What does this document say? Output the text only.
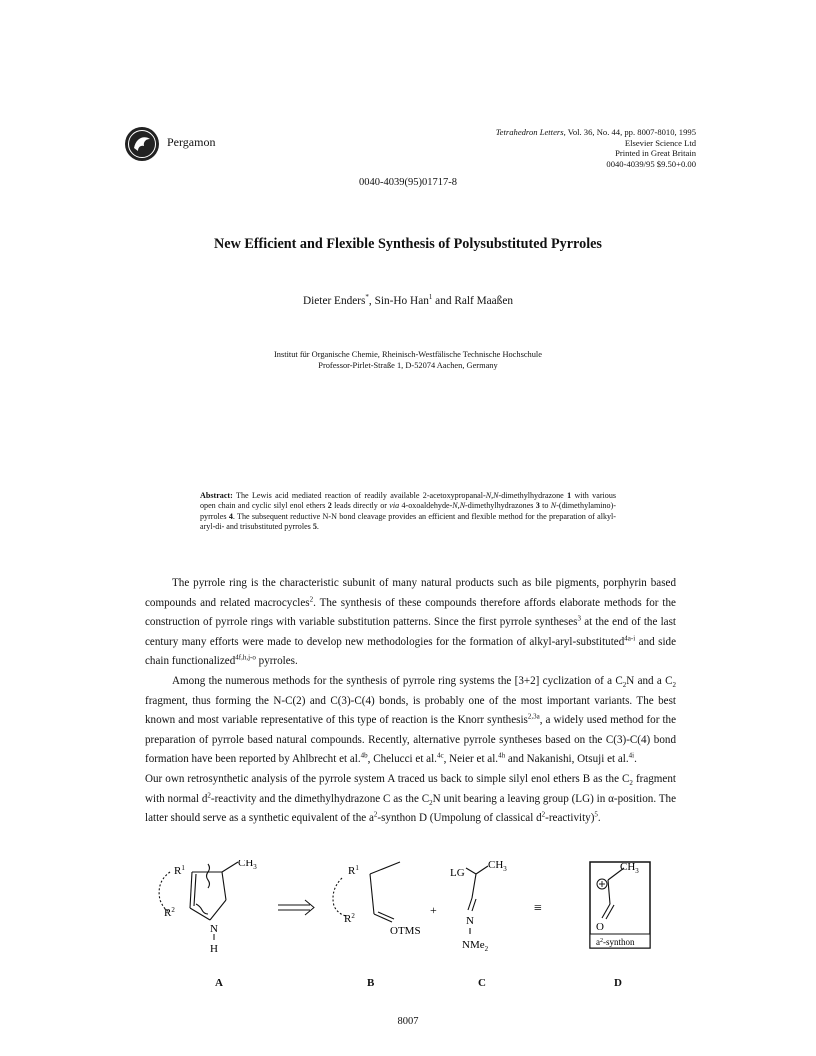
Pergamon
Tetrahedron Letters, Vol. 36, No. 44, pp. 8007-8010, 1995
Elsevier Science Ltd
Printed in Great Britain
0040-4039/95 $9.50+0.00
0040-4039(95)01717-8
New Efficient and Flexible Synthesis of Polysubstituted Pyrroles
Dieter Enders*, Sin-Ho Han$^1$ and Ralf Maaßen
Institut für Organische Chemie, Rheinisch-Westfälische Technische Hochschule
Professor-Pirlet-Straße 1, D-52074 Aachen, Germany
Abstract: The Lewis acid mediated reaction of readily available 2-acetoxypropanal-N,N-dimethylhydrazone 1 with various open chain and cyclic silyl enol ethers 2 leads directly or via 4-oxoaldehyde-N,N-dimethylhydrazones 3 to N-(dimethylamino)-pyrroles 4. The subsequent reductive N-N bond cleavage provides an efficient and flexible method for the preparation of alkyl-aryl-di- and trisubstituted pyrroles 5.

The pyrrole ring is the characteristic subunit of many natural products such as bile pigments, porphyrin based compounds and related macrocycles$^2$. The synthesis of these compounds therefore affords elaborate methods for the construction of pyrrole rings with variable substitution patterns. Since the first pyrrole syntheses$^3$ at the end of the last century many efforts were made to develop new methodologies for the formation of alkyl-aryl-substituted$^{4a-i}$ and side chain functionalized$^{4f,h,j-o}$ pyrroles.

Among the numerous methods for the synthesis of pyrrole ring systems the [3+2] cyclization of a $C_2N$ and a $C_2$ fragment, thus forming the N-C(2) and C(3)-C(4) bonds, is probably one of the most important variants. The best known and most variable representative of this type of reaction is the Knorr synthesis$^{2,3a}$, a widely used method for the preparation of pyrrole based natural compounds. Recently, alternative pyrrole syntheses based on the C(3)-C(4) bond formation have been reported by Ahlbrecht et al.$^{4b}$, Chelucci et al.$^{4c}$, Neier et al.$^{4h}$ and Nakanishi, Otsuji et al.$^{4i}$.

Our own retrosynthetic analysis of the pyrrole system A traced us back to simple silyl enol ethers B as the $C_2$ fragment with normal $d^2$-reactivity and the dimethylhydrazone C as the $C_2N$ unit bearing a leaving group (LG) in α-position. The latter should serve as a synthetic equivalent of the $a^2$-synthon D (Umpolung of classical $d^2-reactivity)^5$.

$R^1$
$R^2$
$CH_3$
N
H
$R^1$
$R^2$
OTMS
+
LG
$CH_3$
N
NMe$_2$
≡
$CH_3$
O
$a^2$-synthon
A	B	C	D
8007
